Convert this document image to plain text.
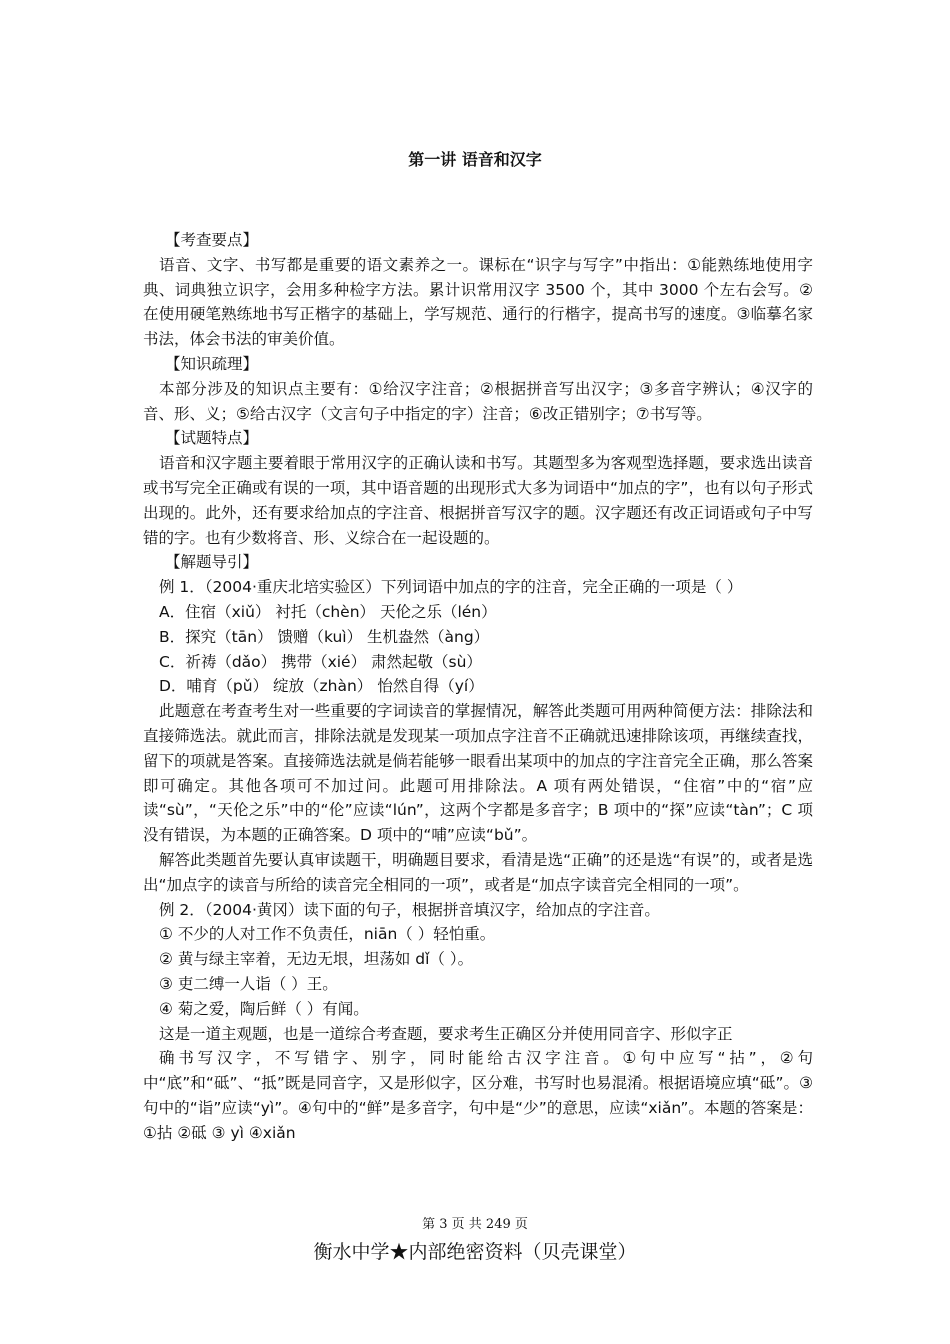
第一讲 语音和汉字

【考查要点】

语音、文字、书写都是重要的语文素养之一。课标在“识字与写字”中指出：①能熟练地使用字典、词典独立识字，会用多种检字方法。累计识常用汉字 3500 个，其中 3000 个左右会写。②在使用硬笔熟练地书写正楷字的基础上，学写规范、通行的行楷字，提高书写的速度。③临摹名家书法，体会书法的审美价值。

【知识疏理】

本部分涉及的知识点主要有：①给汉字注音；②根据拼音写出汉字；③多音字辨认；④汉字的音、形、义；⑤给古汉字（文言句子中指定的字）注音；⑥改正错别字；⑦书写等。

【试题特点】

语音和汉字题主要着眼于常用汉字的正确认读和书写。其题型多为客观型选择题，要求选出读音或书写完全正确或有误的一项，其中语音题的出现形式大多为词语中“加点的字”，也有以句子形式出现的。此外，还有要求给加点的字注音、根据拼音写汉字的题。汉字题还有改正词语或句子中写错的字。也有少数将音、形、义综合在一起设题的。

【解题导引】

例 1．（2004·重庆北培实验区）下列词语中加点的字的注音，完全正确的一项是（ ）

A．住宿（xiǔ） 衬托（chèn） 天伦之乐（lén）

B．探究（tān） 馈赠（kuì） 生机盎然（àng）

C．祈祷（dǎo） 携带（xié） 肃然起敬（sù）

D．哺育（pǔ） 绽放（zhàn） 怡然自得（yí）

此题意在考查考生对一些重要的字词读音的掌握情况，解答此类题可用两种简便方法：排除法和直接筛选法。就此而言，排除法就是发现某一项加点字注音不正确就迅速排除该项，再继续查找，留下的项就是答案。直接筛选法就是倘若能够一眼看出某项中的加点的字注音完全正确，那么答案即可确定。其他各项可不加过问。此题可用排除法。A 项有两处错误，“住宿”中的“宿”应读“sù”，“天伦之乐”中的“伦”应读“lún”，这两个字都是多音字；B 项中的“探”应读“tàn”；C 项没有错误，为本题的正确答案。D 项中的“哺”应读“bǔ”。

解答此类题首先要认真审读题干，明确题目要求，看清是选“正确”的还是选“有误”的，或者是选出“加点字的读音与所给的读音完全相同的一项”，或者是“加点字读音完全相同的一项”。

例 2．（2004·黄冈）读下面的句子，根据拼音填汉字，给加点的字注音。

① 不少的人对工作不负责任，niān（ ）轻怕重。

② 黄与绿主宰着，无边无垠，坦荡如 dǐ（ ）。

③ 吏二缚一人诣（ ）王。

④ 菊之爱，陶后鲜（ ）有闻。

这是一道主观题，也是一道综合考查题，要求考生正确区分并使用同音字、形似字正

确书写汉字，不写错字、别字，同时能给古汉字注音。①句中应写“拈”，②句中“底”和“砥”、“抵”既是同音字，又是形似字，区分难，书写时也易混淆。根据语境应填“砥”。③句中的“诣”应读“yì”。④句中的“鲜”是多音字，句中是“少”的意思，应读“xiǎn”。本题的答案是：①拈 ②砥 ③ yì ④xiǎn

第 3 页 共 249 页
衡水中学★内部绝密资料（贝壳课堂）
